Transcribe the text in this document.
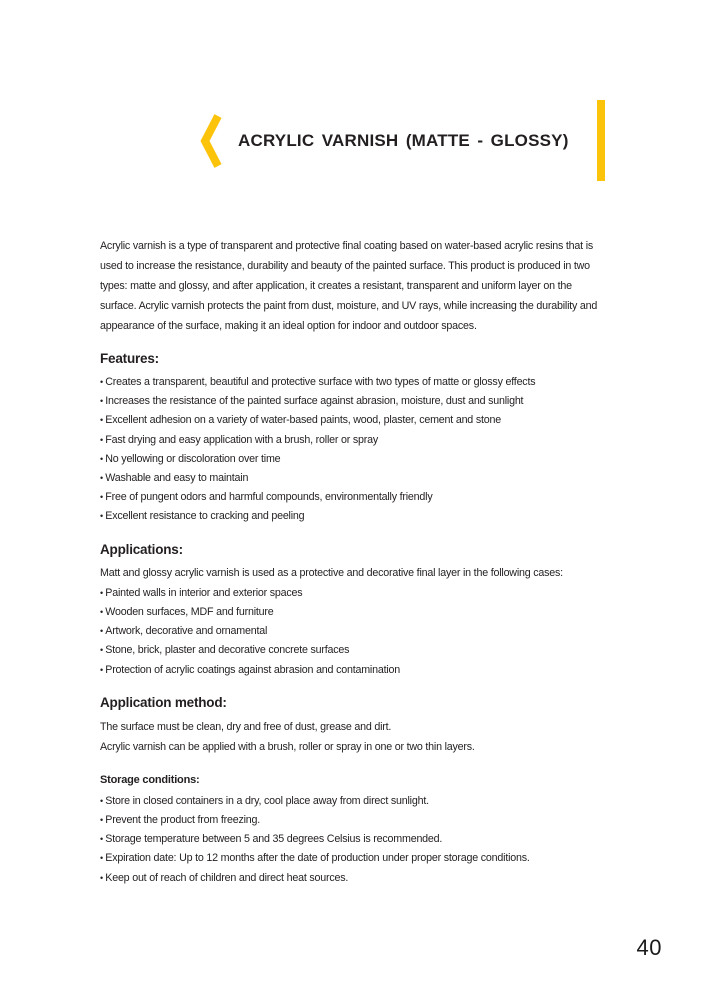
ACRYLIC VARNISH (MATTE - GLOSSY)

Acrylic varnish is a type of transparent and protective final coating based on water-based acrylic resins that is used to increase the resistance, durability and beauty of the painted surface. This product is produced in two types: matte and glossy, and after application, it creates a resistant, transparent and uniform layer on the surface. Acrylic varnish protects the paint from dust, moisture, and UV rays, while increasing the durability and appearance of the surface, making it an ideal option for indoor and outdoor spaces.

Features:
• Creates a transparent, beautiful and protective surface with two types of matte or glossy effects
• Increases the resistance of the painted surface against abrasion, moisture, dust and sunlight
• Excellent adhesion on a variety of water-based paints, wood, plaster, cement and stone
• Fast drying and easy application with a brush, roller or spray
• No yellowing or discoloration over time
• Washable and easy to maintain
• Free of pungent odors and harmful compounds, environmentally friendly
• Excellent resistance to cracking and peeling
Applications:

Matt and glossy acrylic varnish is used as a protective and decorative final layer in the following cases:

• Painted walls in interior and exterior spaces
• Wooden surfaces, MDF and furniture
• Artwork, decorative and ornamental
• Stone, brick, plaster and decorative concrete surfaces
• Protection of acrylic coatings against abrasion and contamination
Application method:

The surface must be clean, dry and free of dust, grease and dirt.

Acrylic varnish can be applied with a brush, roller or spray in one or two thin layers.

Storage conditions:
• Store in closed containers in a dry, cool place away from direct sunlight.
• Prevent the product from freezing.
• Storage temperature between 5 and 35 degrees Celsius is recommended.
• Expiration date: Up to 12 months after the date of production under proper storage conditions.
• Keep out of reach of children and direct heat sources.
40
